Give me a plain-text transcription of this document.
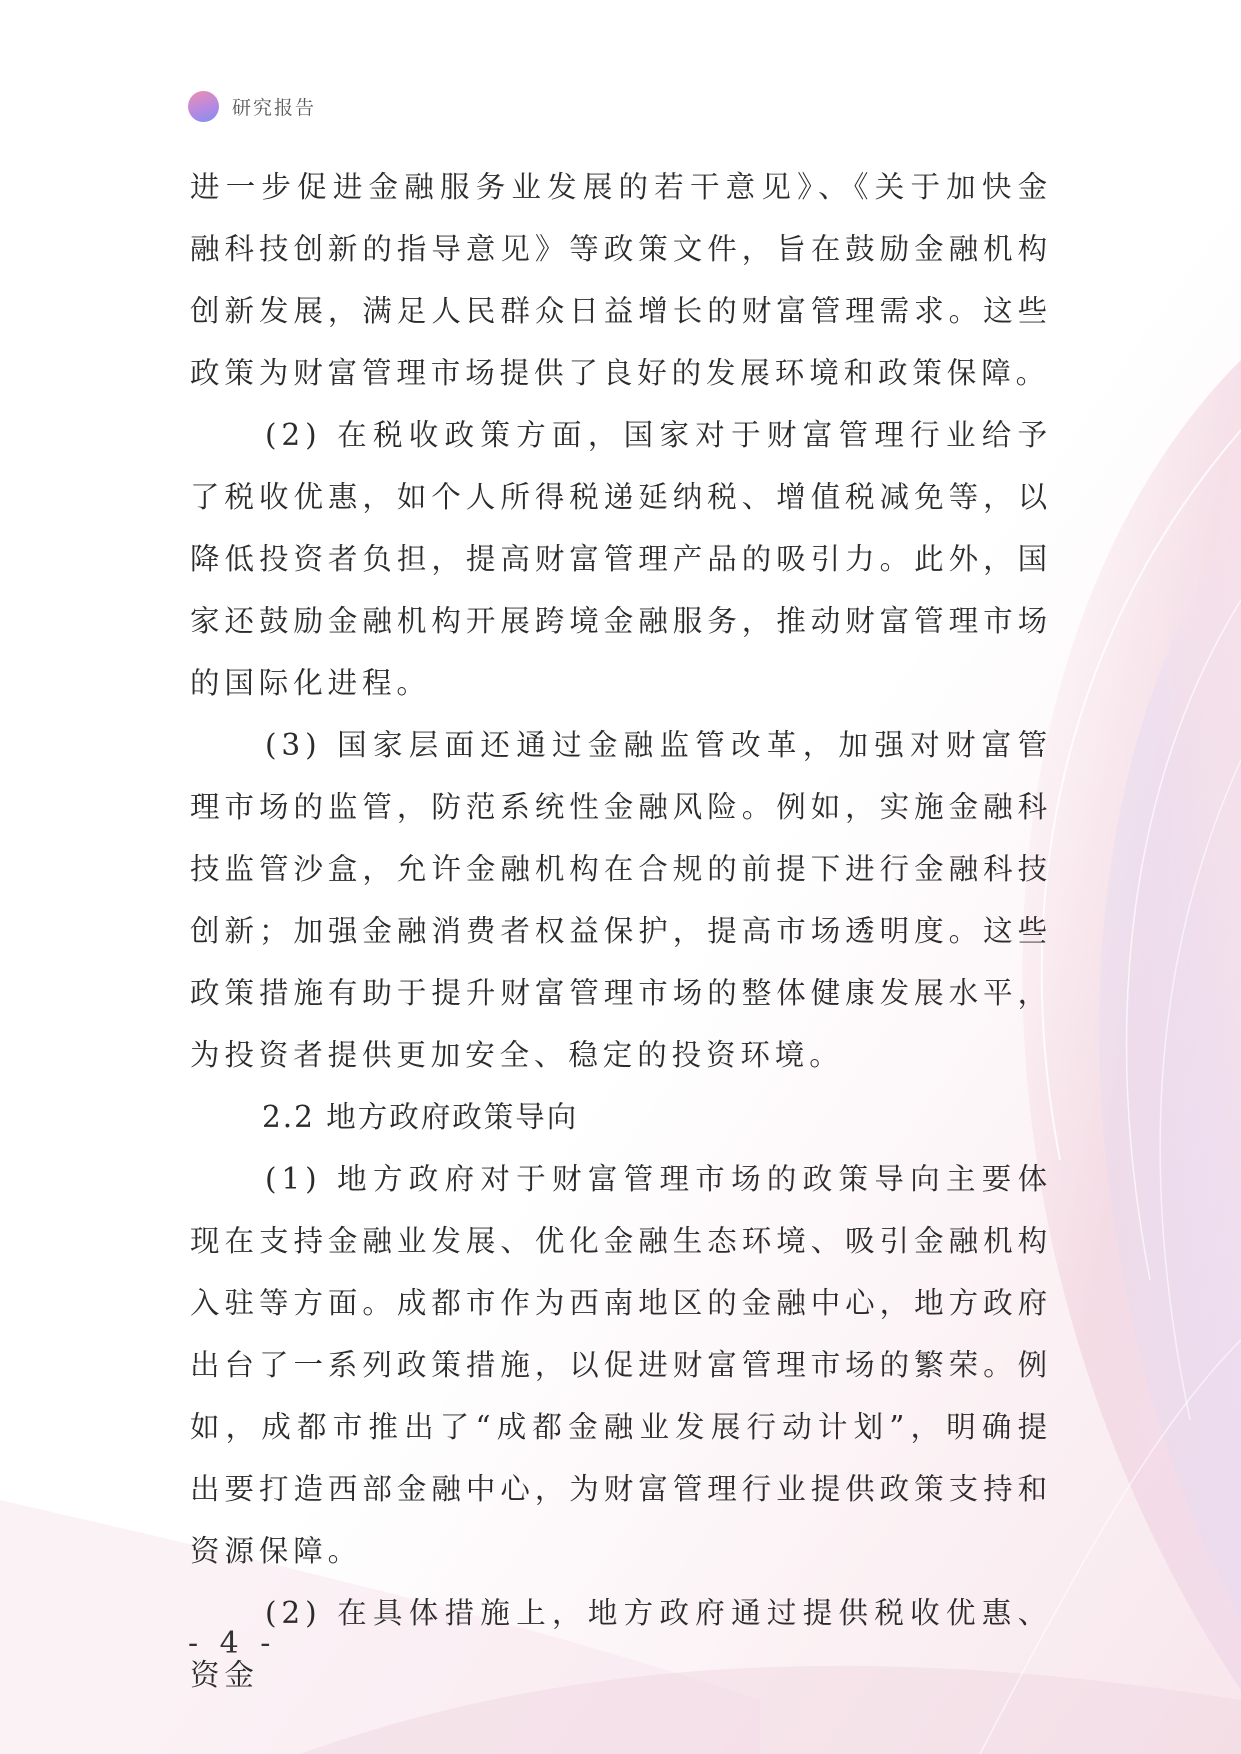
研究报告

进一步促进金融服务业发展的若干意见》、《关于加快金融科技创新的指导意见》等政策文件，旨在鼓励金融机构创新发展，满足人民群众日益增长的财富管理需求。这些政策为财富管理市场提供了良好的发展环境和政策保障。

(2) 在税收政策方面，国家对于财富管理行业给予了税收优惠，如个人所得税递延纳税、增值税减免等，以降低投资者负担，提高财富管理产品的吸引力。此外，国家还鼓励金融机构开展跨境金融服务，推动财富管理市场的国际化进程。

(3) 国家层面还通过金融监管改革，加强对财富管理市场的监管，防范系统性金融风险。例如，实施金融科技监管沙盒，允许金融机构在合规的前提下进行金融科技创新；加强金融消费者权益保护，提高市场透明度。这些政策措施有助于提升财富管理市场的整体健康发展水平，为投资者提供更加安全、稳定的投资环境。

2.2 地方政府政策导向

(1) 地方政府对于财富管理市场的政策导向主要体现在支持金融业发展、优化金融生态环境、吸引金融机构入驻等方面。成都市作为西南地区的金融中心，地方政府出台了一系列政策措施，以促进财富管理市场的繁荣。例如，成都市推出了“成都金融业发展行动计划”，明确提出要打造西部金融中心，为财富管理行业提供政策支持和资源保障。

(2) 在具体措施上，地方政府通过提供税收优惠、资金

- 4 -
